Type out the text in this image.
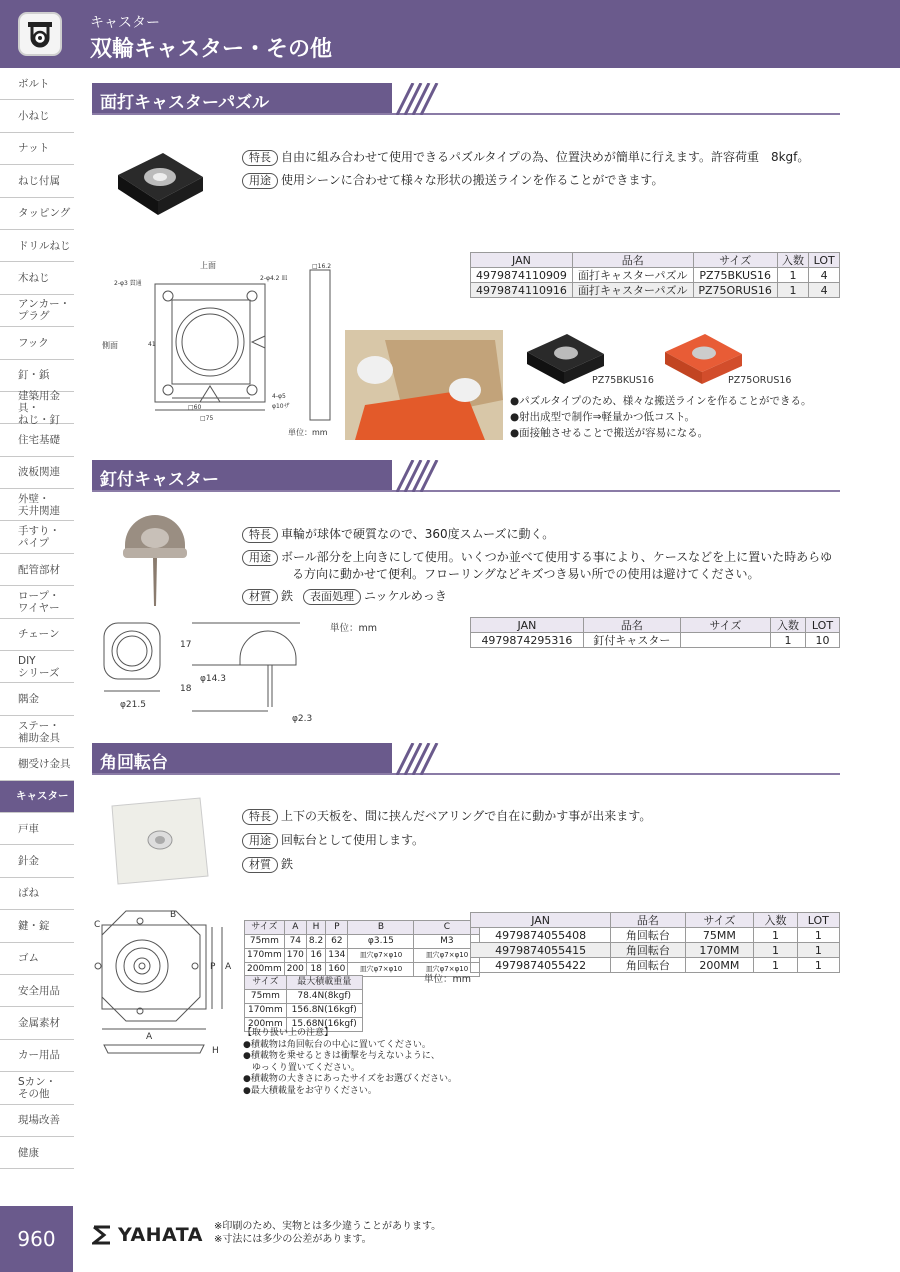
キャスター
双輪キャスター・その他
ボルト
小ねじ
ナット
ねじ付属
タッピング
ドリルねじ
木ねじ
アンカー・
プラグ
フック
釘・鋲
建築用金具・
ねじ・釘
住宅基礎
波板関連
外壁・
天井関連
手すり・
パイプ
配管部材
ロープ・
ワイヤー
チェーン
DIY
シリーズ
隅金
ステー・
補助金具
棚受け金具
キャスター
戸車
針金
ばね
鍵・錠
ゴム
安全用品
金属素材
カー用品
Sカン・
その他
現場改善
健康
960	YAHATA ※印刷のため、実物とは多少違うことがあります。
※寸法には多少の公差があります。
面打キャスターパズル
特長 自由に組み合わせて使用できるパズルタイプの為、位置決めが簡単に行えます。許容荷重　8kgf。
用途 使用シーンに合わせて様々な形状の搬送ラインを作ることができます。
JAN	品名	サイズ	入数	LOT
4979874110909	面打キャスターパズル	PZ75BKUS16	1	4
4979874110916	面打キャスターパズル	PZ75ORUS16	1	4
上面
側面
2-φ3 貫通
2-φ4.2 皿
4-φ5
φ10ザ
□60
□75
41
□16.2
単位：mm
PZ75BKUS16	PZ75ORUS16
●パズルタイプのため、様々な搬送ラインを作ることができる。
●射出成型で制作⇒軽量かつ低コスト。
●面接触させることで搬送が容易になる。
釘付キャスター
特長 車輪が球体で硬質なので、360度スムーズに動く。
用途 ボール部分を上向きにして使用。いくつか並べて使用する事により、ケースなどを上に置いた時あらゆる方向に動かせて便利。フローリングなどキズつき易い所での使用は避けてください。
材質 鉄 表面処理 ニッケルめっき
単位：mm	JAN	品名	サイズ	入数	LOT
4979874295316	釘付キャスター		1	10
17
18
φ14.3
φ21.5
φ2.3
角回転台
特長 上下の天板を、間に挟んだベアリングで自在に動かす事が出来ます。
用途 回転台として使用します。
材質 鉄
C
B
P A
A
H
サイズ	A	H	P	B	C
75mm	74	8.2	62	φ3.15	M3
170mm	170	16	134	皿穴φ7×φ10	皿穴φ7×φ10
200mm	200	18	160	皿穴φ7×φ10	皿穴φ7×φ10
サイズ	最大積載重量
75mm	78.4N(8kgf)
170mm	156.8N(16kgf)
200mm	15.68N(16kgf)
単位：mm
【取り扱い上の注意】
●積載物は角回転台の中心に置いてください。
●積載物を乗せるときは衝撃を与えないように、
　ゆっくり置いてください。
●積載物の大きさにあったサイズをお選びください。
●最大積載量をお守りください。
JAN	品名	サイズ	入数	LOT
4979874055408	角回転台	75MM	1	1
4979874055415	角回転台	170MM	1	1
4979874055422	角回転台	200MM	1	1
